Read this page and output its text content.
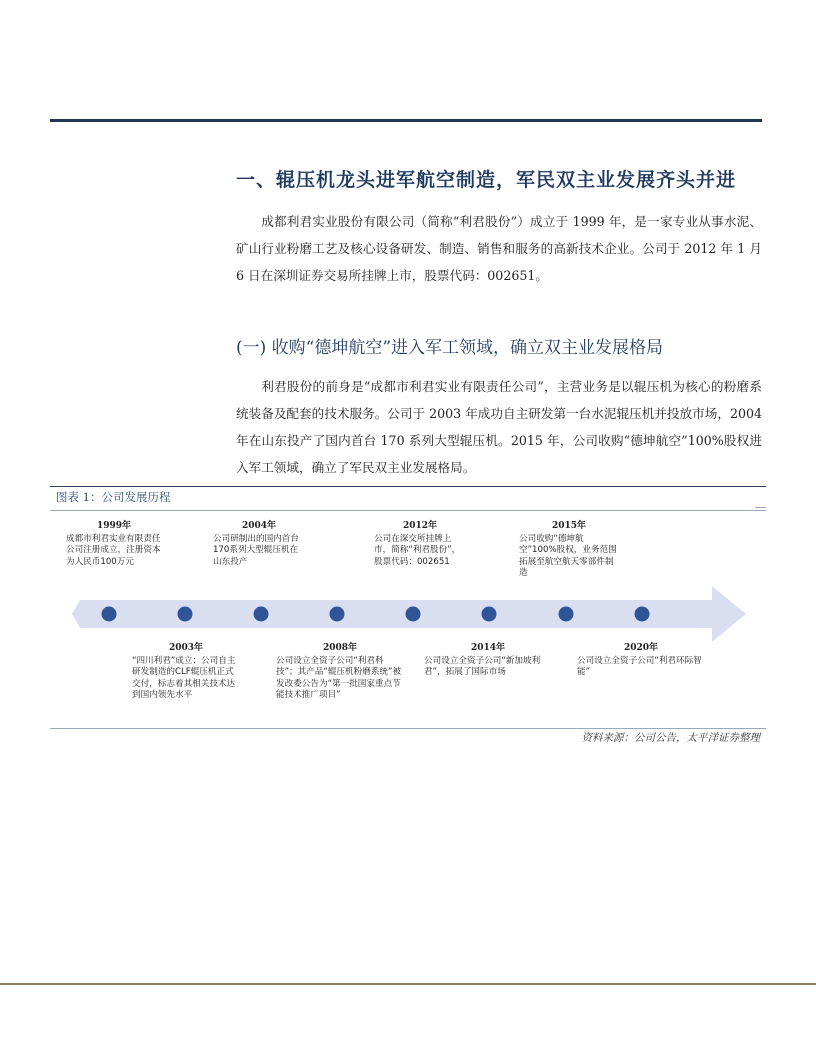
一、辊压机龙头进军航空制造，军民双主业发展齐头并进
成都利君实业股份有限公司（简称“利君股份”）成立于 1999 年，是一家专业从事水泥、矿山行业粉磨工艺及核心设备研发、制造、销售和服务的高新技术企业。公司于 2012 年 1 月 6 日在深圳证券交易所挂牌上市，股票代码：002651。
(一) 收购“德坤航空”进入军工领域，确立双主业发展格局
利君股份的前身是“成都市利君实业有限责任公司”，主营业务是以辊压机为核心的粉磨系统装备及配套的技术服务。公司于 2003 年成功自主研发第一台水泥辊压机并投放市场，2004 年在山东投产了国内首台 170 系列大型辊压机。2015 年，公司收购“德坤航空”100%股权进入军工领域，确立了军民双主业发展格局。
图表 1：公司发展历程
1999年
成都市利君实业有限责任公司注册成立，注册资本为人民币100万元
2004年
公司研制出的国内首台170系列大型辊压机在山东投产
2012年
公司在深交所挂牌上市，简称“利君股份”，股票代码：002651
2015年
公司收购“德坤航空”100%股权，业务范围拓展至航空航天零部件制造
2003年
“四川利君”成立；公司自主研发制造的CLF辊压机正式交付，标志着其相关技术达到国内领先水平
2008年
公司设立全资子公司“利君科技”；其产品“辊压机粉磨系统”被发改委公告为“第一批国家重点节能技术推广项目”
2014年
公司设立全资子公司“新加坡利君”，拓展了国际市场
2020年
公司设立全资子公司“利君环际智能”
资料来源：公司公告，太平洋证券整理
